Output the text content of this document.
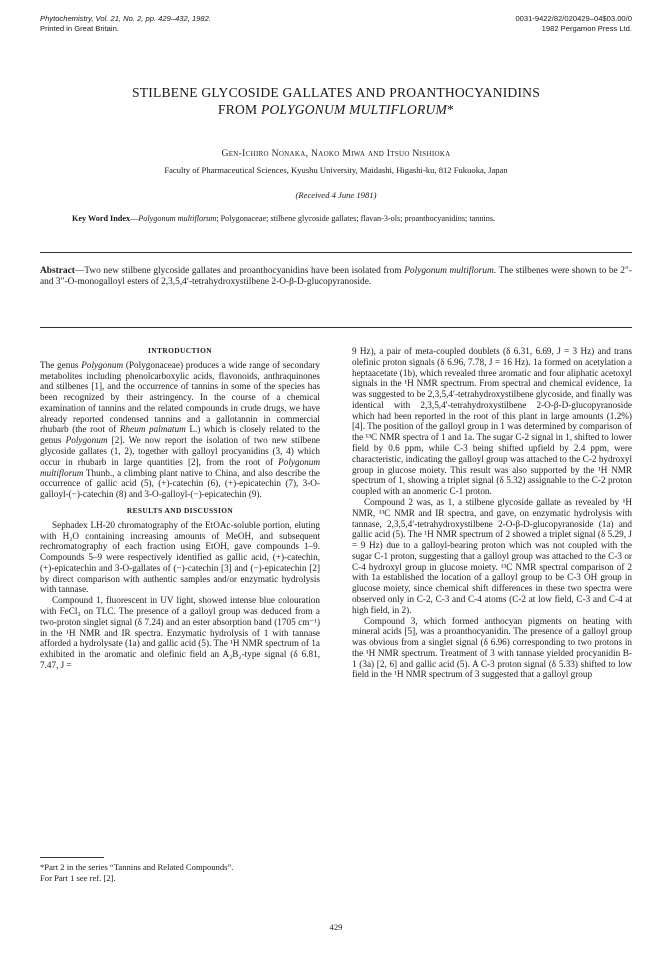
Phytochemistry, Vol. 21, No. 2, pp. 429–432, 1982.
Printed in Great Britain.
0031-9422/82/020429–04$03.00/0
1982 Pergamon Press Ltd.
STILBENE GLYCOSIDE GALLATES AND PROANTHOCYANIDINS
FROM POLYGONUM MULTIFLORUM*
Gen-Ichiro Nonaka, Naoko Miwa and Itsuo Nishioka
Faculty of Pharmaceutical Sciences, Kyushu University, Maidashi, Higashi-ku, 812 Fukuoka, Japan
(Received 4 June 1981)
Key Word Index—Polygonum multiflorum; Polygonaceae; stilbene glycoside gallates; flavan-3-ols; proanthocyanidins; tannins.
Abstract—Two new stilbene glycoside gallates and proanthocyanidins have been isolated from Polygonum multiflorum. The stilbenes were shown to be 2″- and 3″-O-monogalloyl esters of 2,3,5,4′-tetrahydroxystilbene 2-O-β-D-glucopyranoside.
INTRODUCTION

The genus Polygonum (Polygonaceae) produces a wide range of secondary metabolites including phenolcarboxylic acids, flavonoids, anthraquinones and stilbenes [1], and the occurrence of tannins in some of the species has been recognized by their astringency. In the course of a chemical examination of tannins and the related compounds in crude drugs, we have already reported condensed tannins and a gallotannin in commercial rhubarb (the root of Rheum palmatum L.) which is closely related to the genus Polygonum [2]. We now report the isolation of two new stilbene glycoside gallates (1, 2), together with galloyl procyanidins (3, 4) which occur in rhubarb in large quantities [2], from the root of Polygonum multiflorum Thunb., a climbing plant native to China, and also describe the occurrence of gallic acid (5), (+)-catechin (6), (+)-epicatechin (7), 3-O-galloyl-(−)-catechin (8) and 3-O-galloyl-(−)-epicatechin (9).

RESULTS AND DISCUSSION

Sephadex LH-20 chromatography of the EtOAc-soluble portion, eluting with H₂O containing increasing amounts of MeOH, and subsequent rechromatography of each fraction using EtOH, gave compounds 1–9. Compounds 5–9 were respectively identified as gallic acid, (+)-catechin, (+)-epicatechin and 3-O-gallates of (−)-catechin [3] and (−)-epicatechin [2] by direct comparison with authentic samples and/or enzymatic hydrolysis with tannase.

Compound 1, fluorescent in UV light, showed intense blue colouration with FeCl₃ on TLC. The presence of a galloyl group was deduced from a two-proton singlet signal (δ 7.24) and an ester absorption band (1705 cm⁻¹) in the ¹H NMR and IR spectra. Enzymatic hydrolysis of 1 with tannase afforded a hydrolysate (1a) and gallic acid (5). The ¹H NMR spectrum of 1a exhibited in the aromatic and olefinic field an A₂B₂-type signal (δ 6.81, 7.47, J =

9 Hz), a pair of meta-coupled doublets (δ 6.31, 6.69, J = 3 Hz) and trans olefinic proton signals (δ 6.96, 7.78, J = 16 Hz). 1a formed on acetylation a heptaacetate (1b), which revealed three aromatic and four aliphatic acetoxyl signals in the ¹H NMR spectrum. From spectral and chemical evidence, 1a was suggested to be 2,3,5,4′-tetrahydroxystilbene glycoside, and finally was identical with 2,3,5,4′-tetrahydroxystilbene 2-O-β-D-glucopyranoside which had been reported in the root of this plant in large amounts (1.2%) [4]. The position of the galloyl group in 1 was determined by comparison of the ¹³C NMR spectra of 1 and 1a. The sugar C-2 signal in 1, shifted to lower field by 0.6 ppm, while C-3 being shifted upfield by 2.4 ppm, were characteristic, indicating the galloyl group was attached to the C-2 hydroxyl group in glucose moiety. This result was also supported by the ¹H NMR spectrum of 1, showing a triplet signal (δ 5.32) assignable to the C-2 proton coupled with an anomeric C-1 proton.

Compound 2 was, as 1, a stilbene glycoside gallate as revealed by ¹H NMR, ¹³C NMR and IR spectra, and gave, on enzymatic hydrolysis with tannase, 2,3,5,4′-tetrahydroxystilbene 2-O-β-D-glucopyranoside (1a) and gallic acid (5). The ¹H NMR spectrum of 2 showed a triplet signal (δ 5.29, J = 9 Hz) due to a galloyl-bearing proton which was not coupled with the sugar C-1 proton, suggesting that a galloyl group was attached to the C-3 or C-4 hydroxyl group in glucose moiety. ¹³C NMR spectral comparison of 2 with 1a established the location of a galloyl group to be C-3 OH group in glucose moiety, since chemical shift differences in these two spectra were observed only in C-2, C-3 and C-4 atoms (C-2 at low field, C-3 and C-4 at high field, in 2).

Compound 3, which formed anthocyan pigments on heating with mineral acids [5], was a proanthocyanidin. The presence of a galloyl group was obvious from a singlet signal (δ 6.96) corresponding to two protons in the ¹H NMR spectrum. Treatment of 3 with tannase yielded procyanidin B-1 (3a) [2, 6] and gallic acid (5). A C-3 proton signal (δ 5.33) shifted to low field in the ¹H NMR spectrum of 3 suggested that a galloyl group

*Part 2 in the series “Tannins and Related Compounds”.
For Part 1 see ref. [2].
429
